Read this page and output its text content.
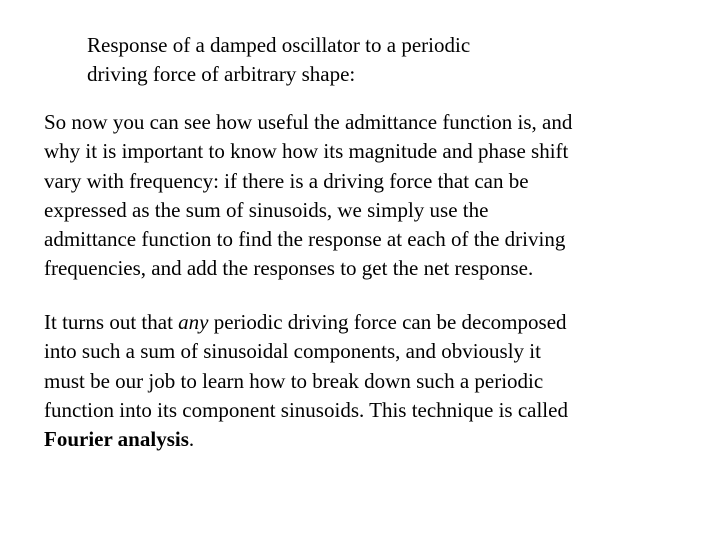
Response of a damped oscillator to a periodic
driving force of arbitrary shape:

So now you can see how useful the admittance function is, and
why it is important to know how its magnitude and phase shift
vary with frequency: if there is a driving force that can be
expressed as the sum of sinusoids, we simply use the
admittance function to find the response at each of the driving
frequencies, and add the responses to get the net response.

It turns out that any periodic driving force can be decomposed
into such a sum of sinusoidal components, and obviously it
must be our job to learn how to break down such a periodic
function into its component sinusoids. This technique is called
Fourier analysis.
